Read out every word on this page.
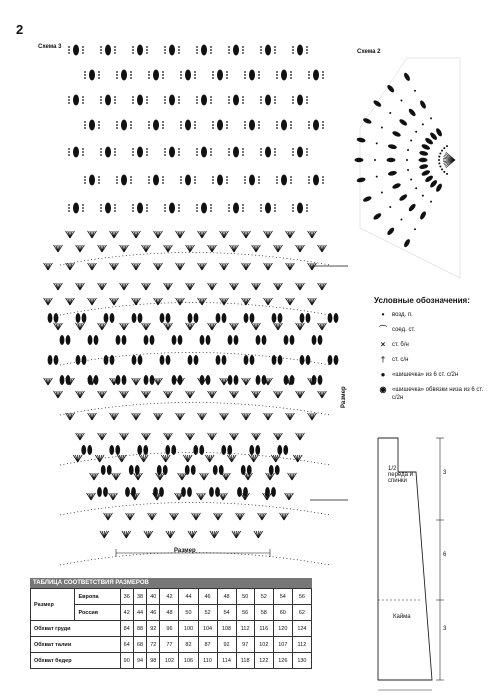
2
Схема 3
Схема 2
1/2 переда и спинки
Кайма
3
6
3
Размер
Размер
Условные обозначения:
•	возд. п.
⌒ соед. ст.
×	ст. б/н
†	ст. с/н
●	«шишечка» из 6 ст. с/2н
◉ «шишечка» обвязки низа из 6 ст. с/2н
ТАБЛИЦА СООТВЕТСТВИЯ РАЗМЕРОВ
Размер	Европа	36	38	40	42	44	46	48	50	52	54	56
	Россия	42	44	46	48	50	52	54	56	58	60	62
Обхват груди		84	88	92	96	100	104	108	112	116	120	124
Обхват талии		64	68	72	77	82	87	92	97	102	107	112
Обхват бедер		90	94	98	102	106	110	114	118	122	126	130
